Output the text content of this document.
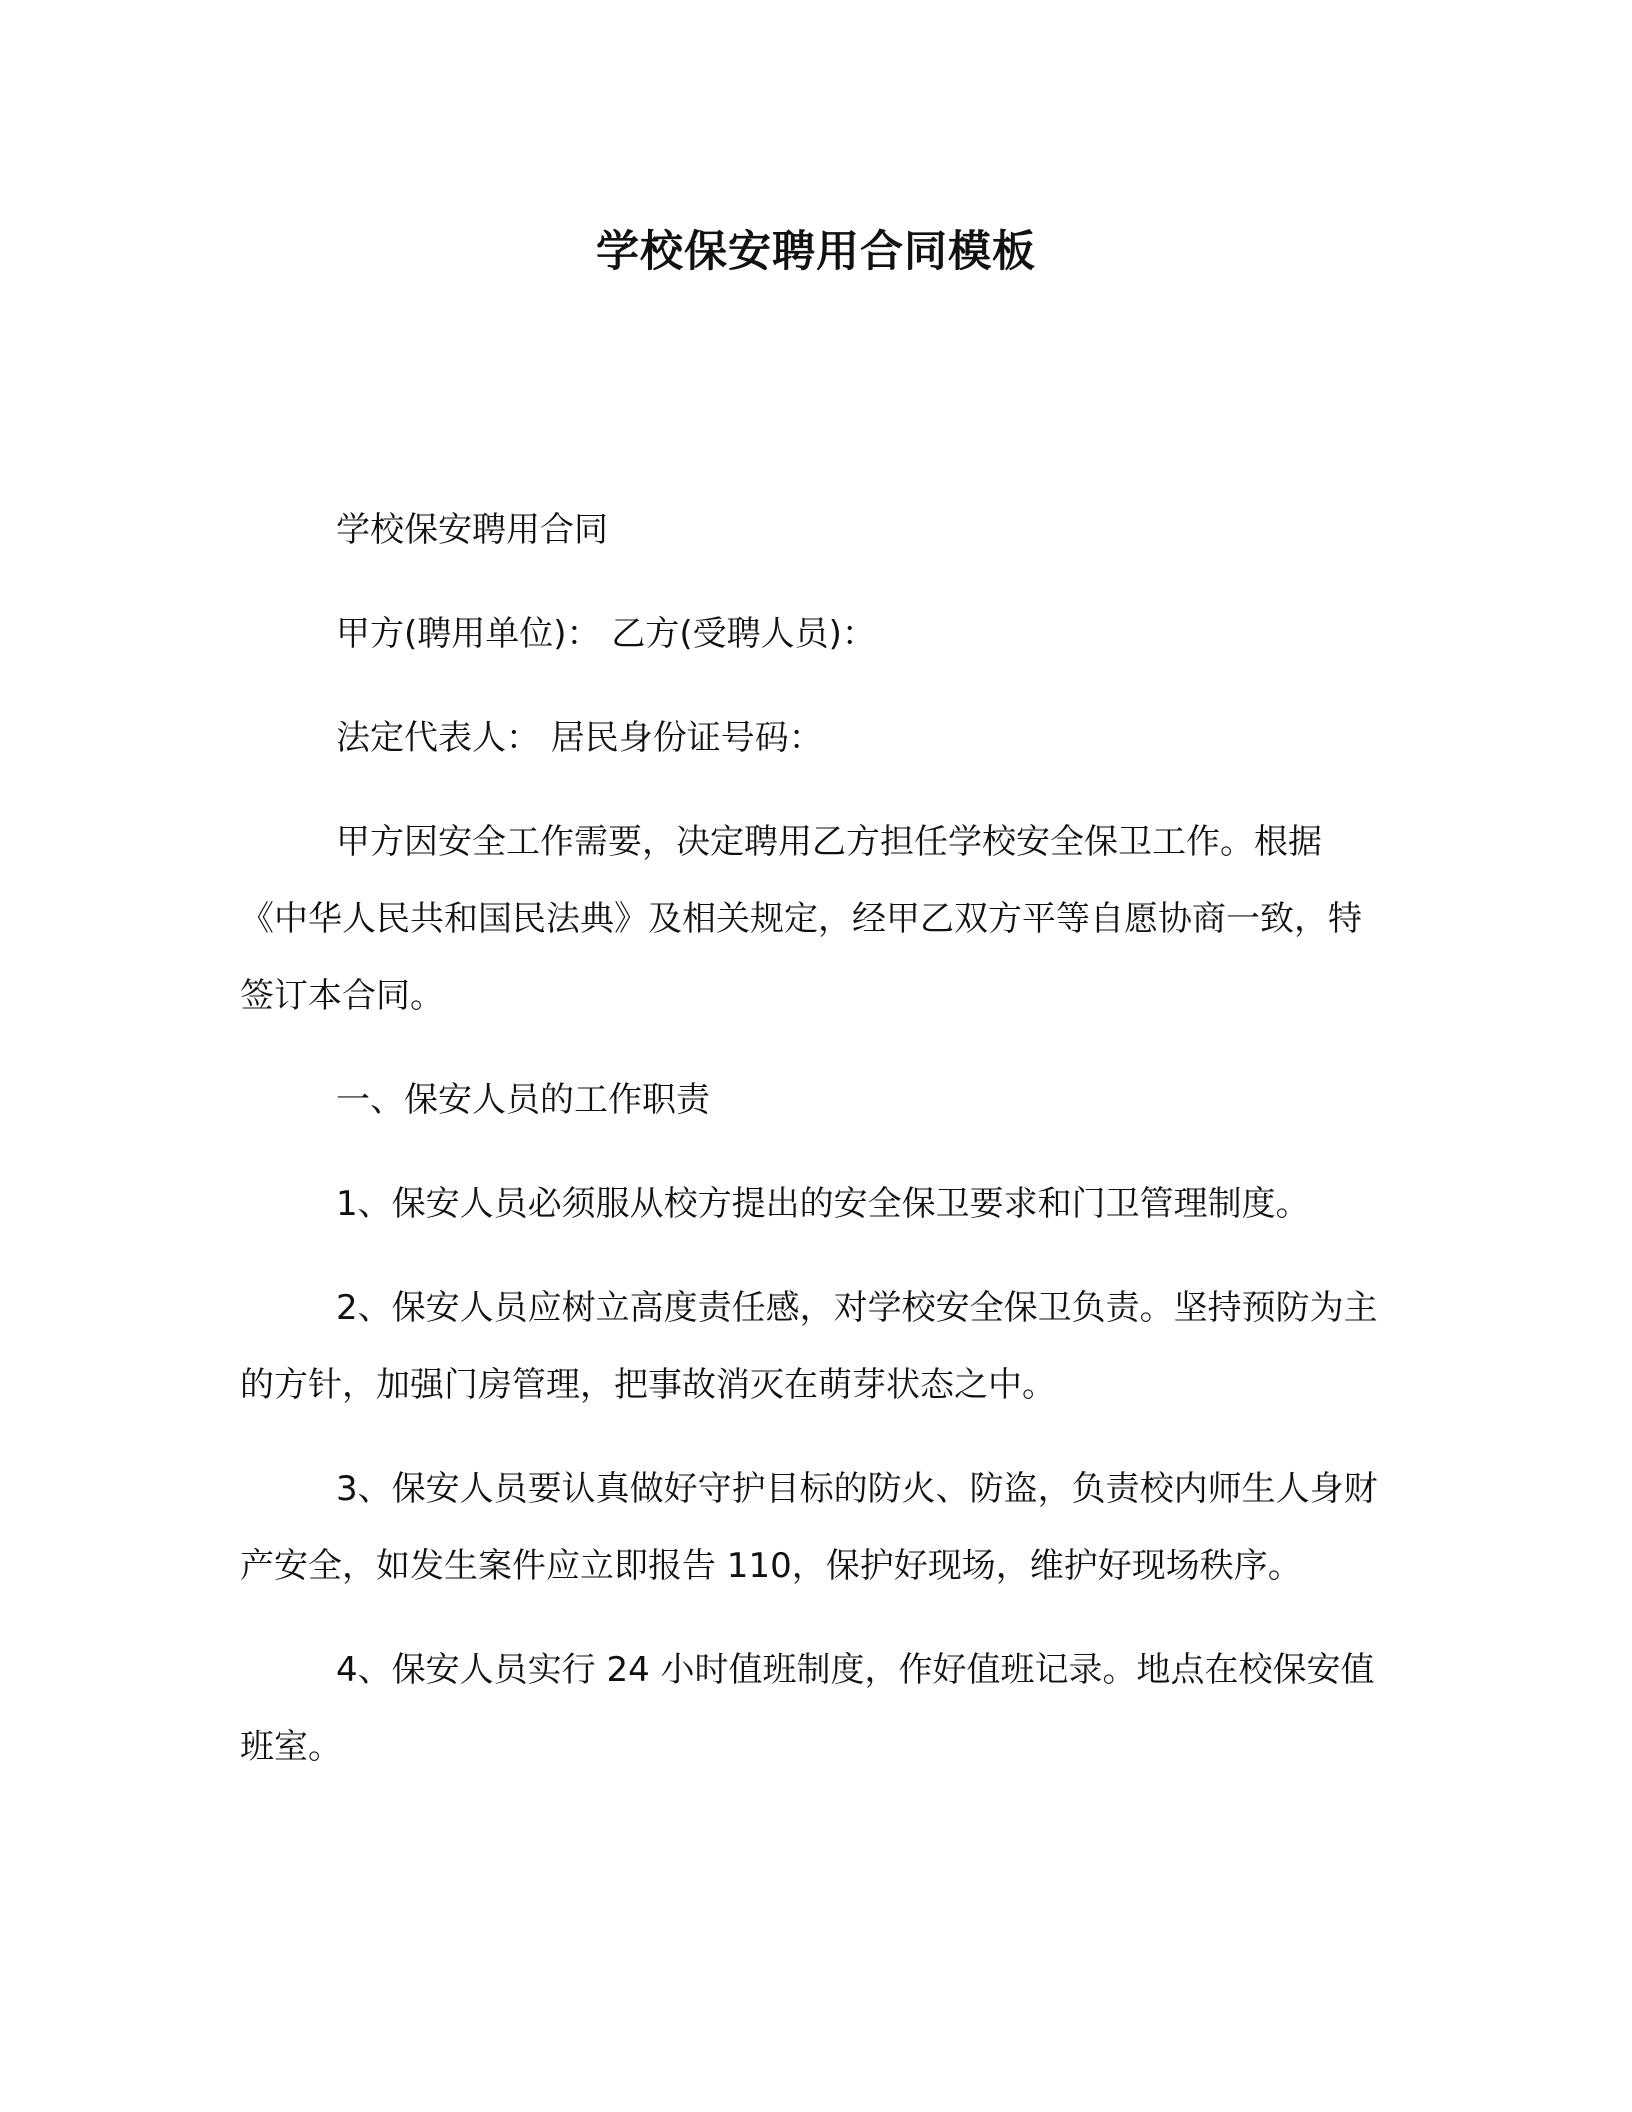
学校保安聘用合同模板

学校保安聘用合同

甲方(聘用单位)： 乙方(受聘人员)：

法定代表人： 居民身份证号码：

甲方因安全工作需要，决定聘用乙方担任学校安全保卫工作。根据《中华人民共和国民法典》及相关规定，经甲乙双方平等自愿协商一致，特签订本合同。

一、保安人员的工作职责

1、保安人员必须服从校方提出的安全保卫要求和门卫管理制度。

2、保安人员应树立高度责任感，对学校安全保卫负责。坚持预防为主的方针，加强门房管理，把事故消灭在萌芽状态之中。

3、保安人员要认真做好守护目标的防火、防盗，负责校内师生人身财产安全，如发生案件应立即报告 110，保护好现场，维护好现场秩序。

4、保安人员实行 24 小时值班制度，作好值班记录。地点在校保安值班室。
